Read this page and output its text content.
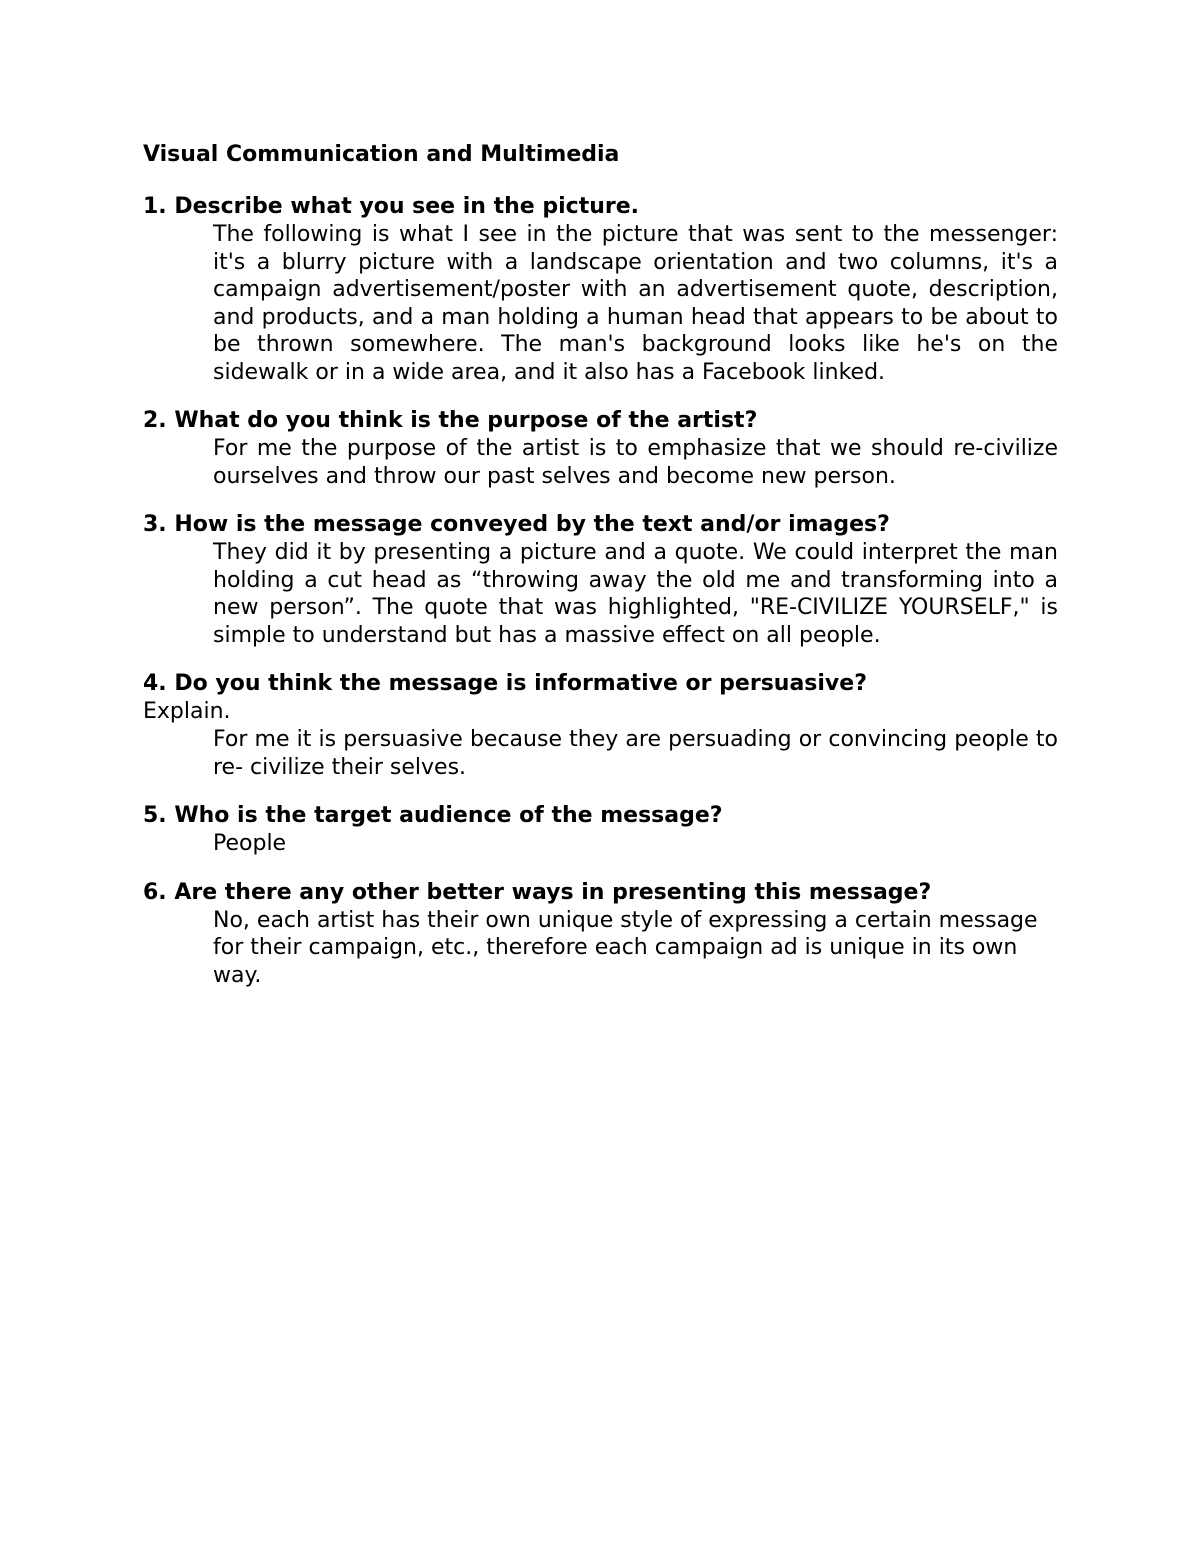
Visual Communication and Multimedia

1. Describe what you see in the picture.

The following is what I see in the picture that was sent to the messenger: it's a blurry picture with a landscape orientation and two columns, it's a campaign advertisement/poster with an advertisement quote, description, and products, and a man holding a human head that appears to be about to be thrown somewhere. The man's background looks like he's on the sidewalk or in a wide area, and it also has a Facebook linked.

2. What do you think is the purpose of the artist?

For me the purpose of the artist is to emphasize that we should re-civilize ourselves and throw our past selves and become new person.

3. How is the message conveyed by the text and/or images?

They did it by presenting a picture and a quote. We could interpret the man holding a cut head as “throwing away the old me and transforming into a new person”. The quote that was highlighted, "RE-CIVILIZE YOURSELF," is simple to understand but has a massive effect on all people.

4. Do you think the message is informative or persuasive?

Explain.

For me it is persuasive because they are persuading or convincing people to re- civilize their selves.

5. Who is the target audience of the message?

People

6. Are there any other better ways in presenting this message?

No, each artist has their own unique style of expressing a certain message for their campaign, etc., therefore each campaign ad is unique in its own way.
